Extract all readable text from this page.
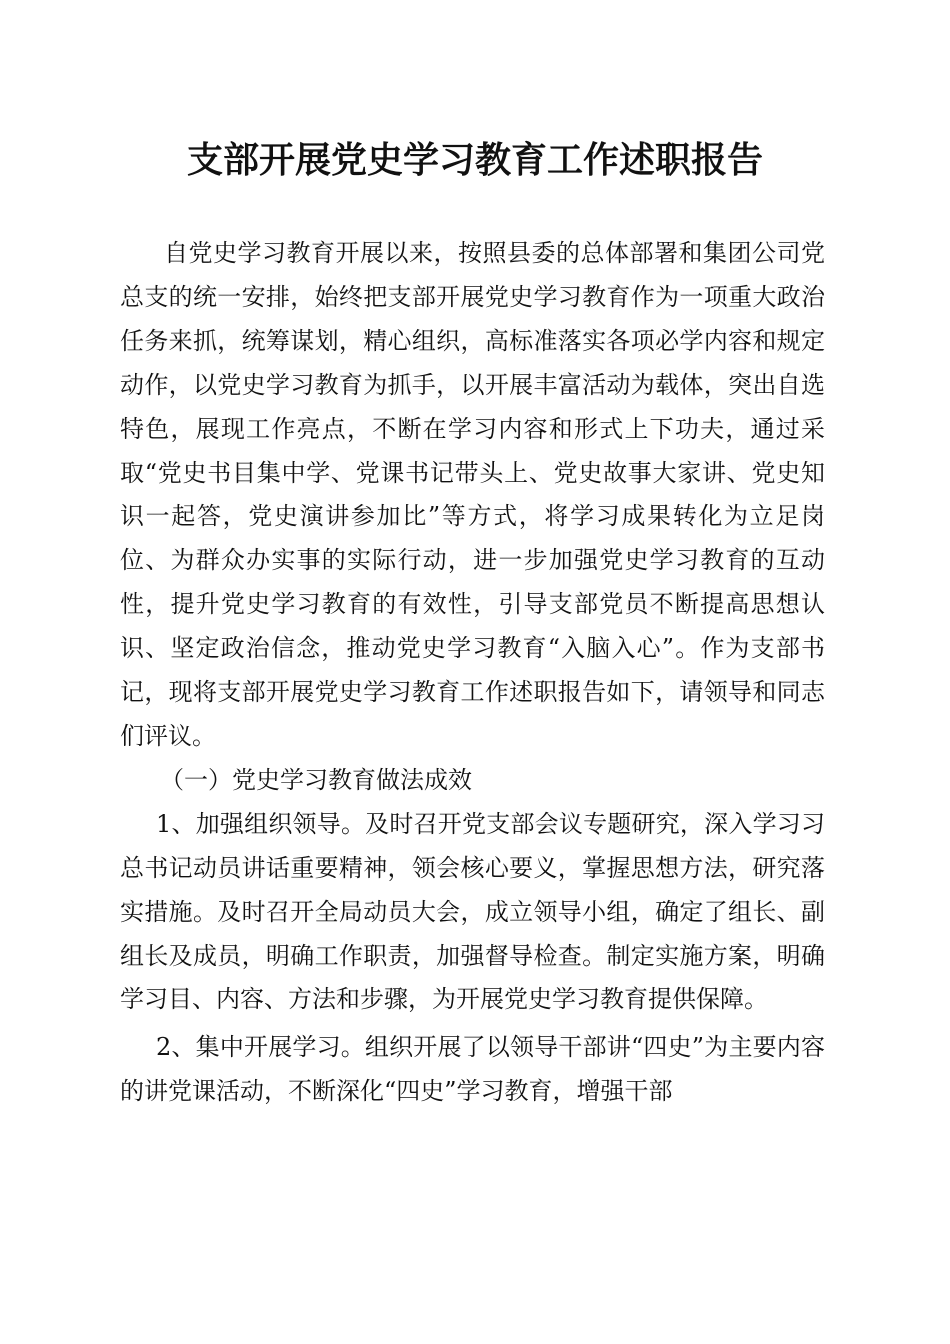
支部开展党史学习教育工作述职报告

自党史学习教育开展以来，按照县委的总体部署和集团公司党总支的统一安排，始终把支部开展党史学习教育作为一项重大政治任务来抓，统筹谋划，精心组织，高标准落实各项必学内容和规定动作，以党史学习教育为抓手，以开展丰富活动为载体，突出自选特色，展现工作亮点，不断在学习内容和形式上下功夫，通过采取“党史书目集中学、党课书记带头上、党史故事大家讲、党史知识一起答，党史演讲参加比”等方式，将学习成果转化为立足岗位、为群众办实事的实际行动，进一步加强党史学习教育的互动性，提升党史学习教育的有效性，引导支部党员不断提高思想认识、坚定政治信念，推动党史学习教育“入脑入心”。作为支部书记，现将支部开展党史学习教育工作述职报告如下，请领导和同志们评议。

（一）党史学习教育做法成效

1、加强组织领导。及时召开党支部会议专题研究，深入学习习总书记动员讲话重要精神，领会核心要义，掌握思想方法，研究落实措施。及时召开全局动员大会，成立领导小组，确定了组长、副组长及成员，明确工作职责，加强督导检查。制定实施方案，明确学习目、内容、方法和步骤，为开展党史学习教育提供保障。

2、集中开展学习。组织开展了以领导干部讲“四史”为主要内容的讲党课活动，不断深化“四史”学习教育，增强干部
